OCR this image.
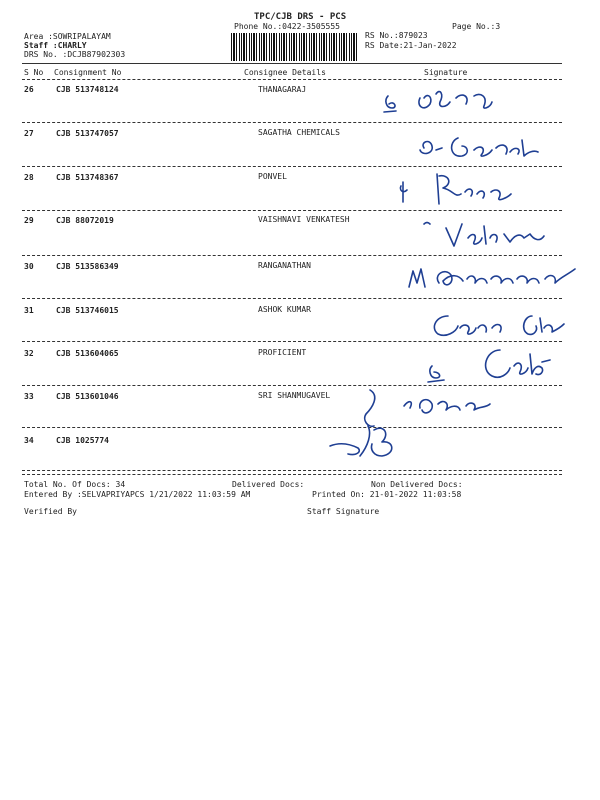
TPC/CJB DRS - PCS
Phone No.:0422-3505555	Page No.:3
Area :SOWRIPALAYAM
Staff :CHARLY
DRS No. :DCJB87902303
RS No.:879023
RS Date:21-Jan-2022
S No Consignment No	Consignee Details	Signature
26	CJB 513748124	THANAGARAJ
27	CJB 513747057	SAGATHA CHEMICALS
28	CJB 513748367	PONVEL
29	CJB 88072019	VAISHNAVI VENKATESH
30	CJB 513586349	RANGANATHAN
31	CJB 513746015	ASHOK KUMAR
32	CJB 513604065	PROFICIENT
33	CJB 513601046	SRI SHANMUGAVEL
34	CJB 1025774
Total No. Of Docs: 34	Delivered Docs:	Non Delivered Docs:
Entered By :SELVAPRIYAPCS 1/21/2022 11:03:59 AM	Printed On: 21-01-2022 11:03:58
Verified By	Staff Signature
